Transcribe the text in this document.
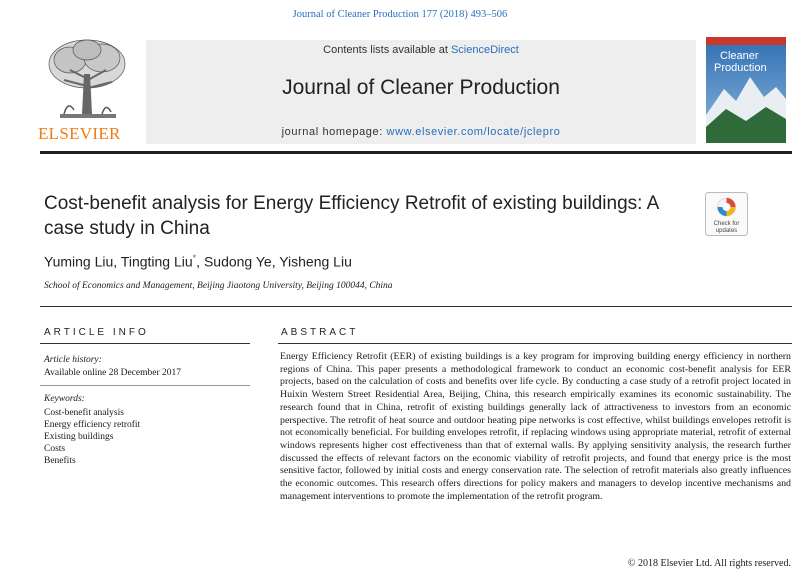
Journal of Cleaner Production 177 (2018) 493–506
ELSEVIER
Contents lists available at ScienceDirect
Journal of Cleaner Production
journal homepage: www.elsevier.com/locate/jclepro
Cleaner
Production
Cost-benefit analysis for Energy Efficiency Retrofit of existing buildings: A case study in China	Check for
updates
Yuming Liu, Tingting Liu*, Sudong Ye, Yisheng Liu
School of Economics and Management, Beijing Jiaotong University, Beijing 100044, China
ARTICLE INFO	ABSTRACT
Article history:
Available online 28 December 2017
Keywords:
Cost-benefit analysis
Energy efficiency retrofit
Existing buildings
Costs
Benefits
Energy Efficiency Retrofit (EER) of existing buildings is a key program for improving building energy efficiency in northern regions of China. This paper presents a methodological framework to conduct an economic cost-benefit analysis for EER projects, based on the calculation of costs and benefits over life cycle. By conducting a case study of a retrofit project located in Huixin Western Street Residential Area, Beijing, China, this research empirically examines its economic sustainability. The research found that in China, retrofit of existing buildings generally lack of attractiveness to investors from an economic perspective. The retrofit of heat source and outdoor heating pipe networks is cost effective, whilst buildings envelopes retrofit is not economically beneficial. For building envelopes retrofit, if replacing windows using appropriate material, retrofit of external windows represents higher cost effectiveness than that of external walls. By applying sensitivity analysis, the research further discussed the effects of relevant factors on the economic viability of retrofit projects, and found that energy price is the most sensitive factor, followed by initial costs and energy conservation rate. The selection of retrofit materials also greatly influences the economic outcomes. This research offers directions for policy makers and managers to develop incentive mechanisms and management interventions to promote the implementation of the retrofit program.
© 2018 Elsevier Ltd. All rights reserved.
